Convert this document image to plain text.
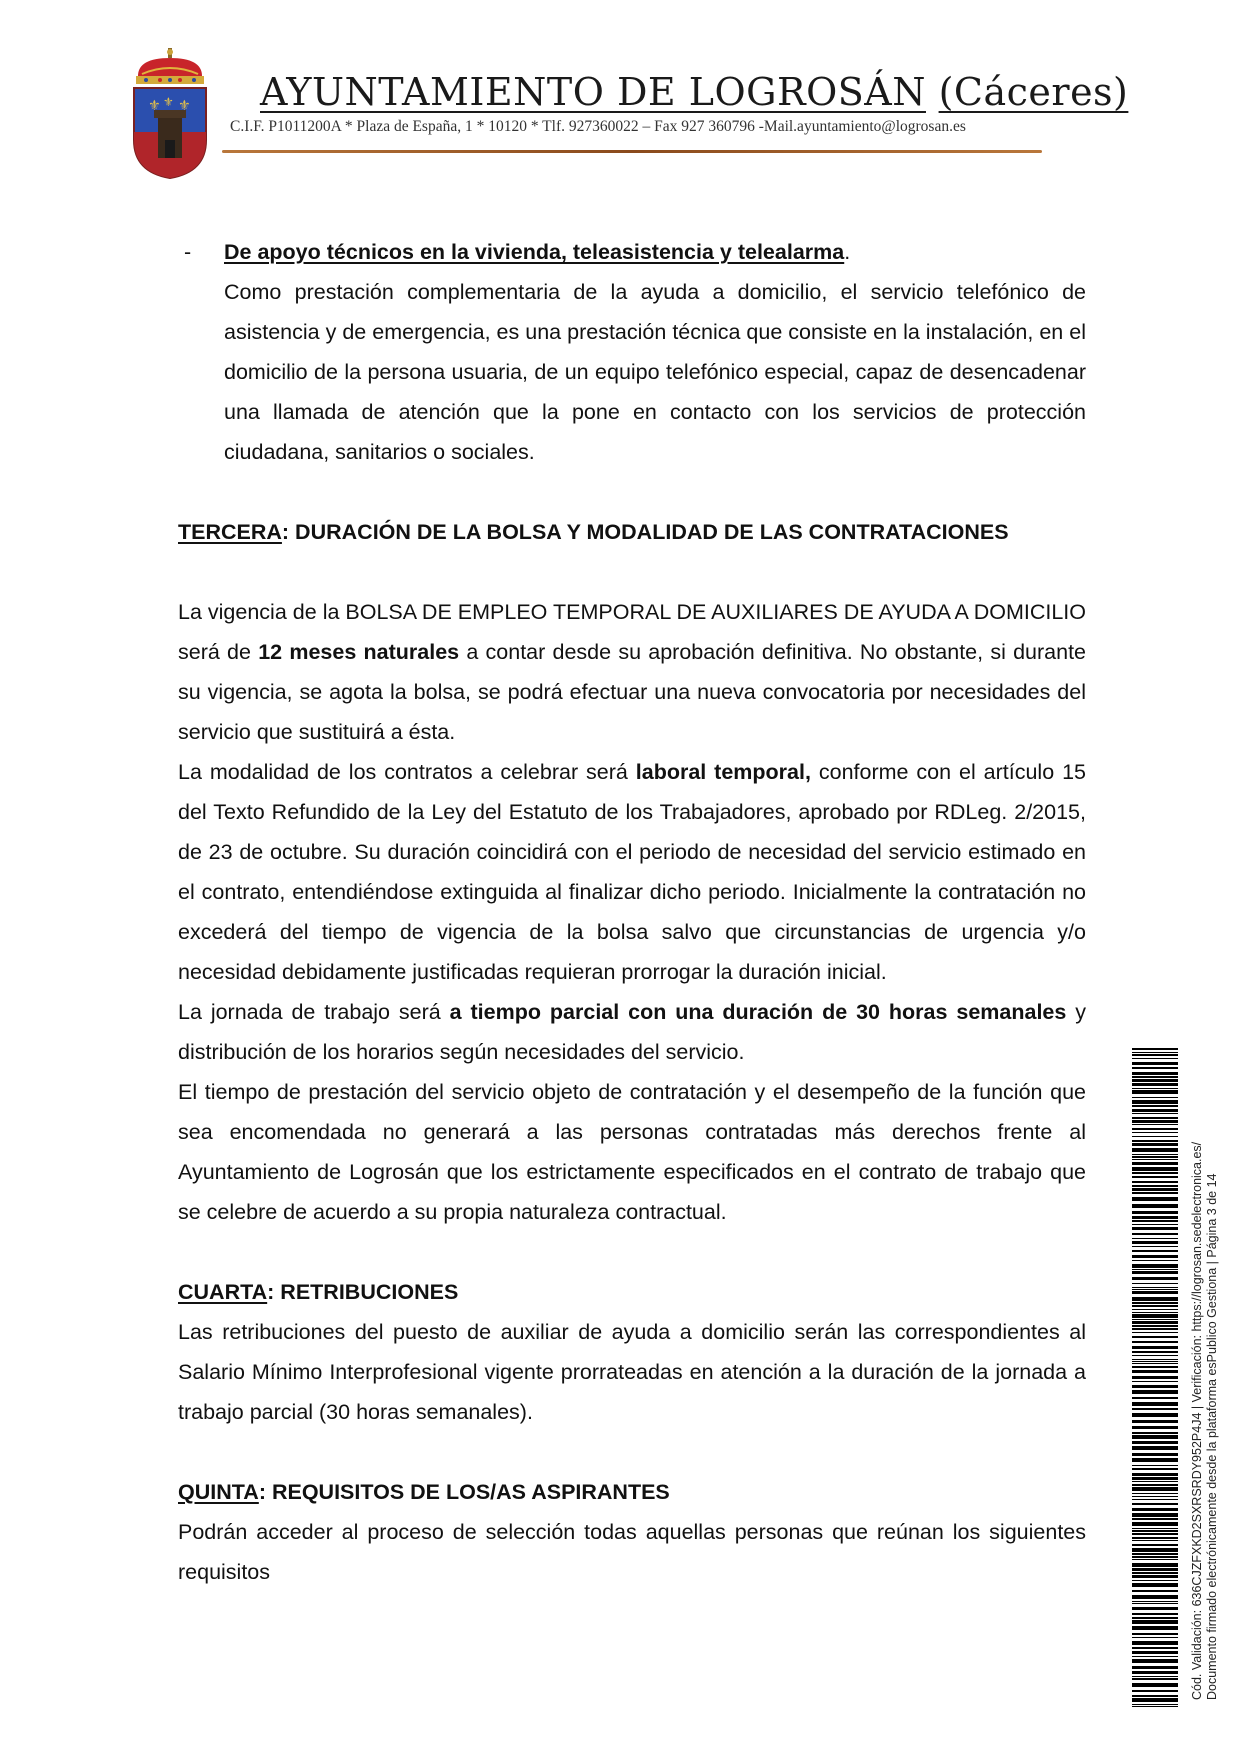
⚜ ⚜
⚜ AYUNTAMIENTO DE LOGROSÁN (Cáceres)
C.I.F. P1011200A * Plaza de España, 1 * 10120 * Tlf. 927360022 – Fax 927 360796 -Mail.ayuntamiento@logrosan.es
- De apoyo técnicos en la vivienda, teleasistencia y telealarma.

Como prestación complementaria de la ayuda a domicilio, el servicio telefónico de asistencia y de emergencia, es una prestación técnica que consiste en la instalación, en el domicilio de la persona usuaria, de un equipo telefónico especial, capaz de desencadenar una llamada de atención que la pone en contacto con los servicios de protección ciudadana, sanitarios o sociales.

TERCERA: DURACIÓN DE LA BOLSA Y MODALIDAD DE LAS CONTRATACIONES

La vigencia de la BOLSA DE EMPLEO TEMPORAL DE AUXILIARES DE AYUDA A DOMICILIO será de 12 meses naturales a contar desde su aprobación definitiva. No obstante, si durante su vigencia, se agota la bolsa, se podrá efectuar una nueva convocatoria por necesidades del servicio que sustituirá a ésta.

La modalidad de los contratos a celebrar será laboral temporal, conforme con el artículo 15 del Texto Refundido de la Ley del Estatuto de los Trabajadores, aprobado por RDLeg. 2/2015, de 23 de octubre. Su duración coincidirá con el periodo de necesidad del servicio estimado en el contrato, entendiéndose extinguida al finalizar dicho periodo. Inicialmente la contratación no excederá del tiempo de vigencia de la bolsa salvo que circunstancias de urgencia y/o necesidad debidamente justificadas requieran prorrogar la duración inicial.

La jornada de trabajo será a tiempo parcial con una duración de 30 horas semanales y distribución de los horarios según necesidades del servicio.

El tiempo de prestación del servicio objeto de contratación y el desempeño de la función que sea encomendada no generará a las personas contratadas más derechos frente al Ayuntamiento de Logrosán que los estrictamente especificados en el contrato de trabajo que se celebre de acuerdo a su propia naturaleza contractual.

CUARTA: RETRIBUCIONES

Las retribuciones del puesto de auxiliar de ayuda a domicilio serán las correspondientes al Salario Mínimo Interprofesional vigente prorrateadas en atención a la duración de la jornada a trabajo parcial (30 horas semanales).

QUINTA: REQUISITOS DE LOS/AS ASPIRANTES

Podrán acceder al proceso de selección todas aquellas personas que reúnan los siguientes requisitos	Cód. Validación: 636CJZFXKD2SXRSRDY952P4J4 | Verificación: https://logrosan.sedelectronica.es/ Documento firmado electrónicamente desde la plataforma esPublico Gestiona | Página 3 de 14
